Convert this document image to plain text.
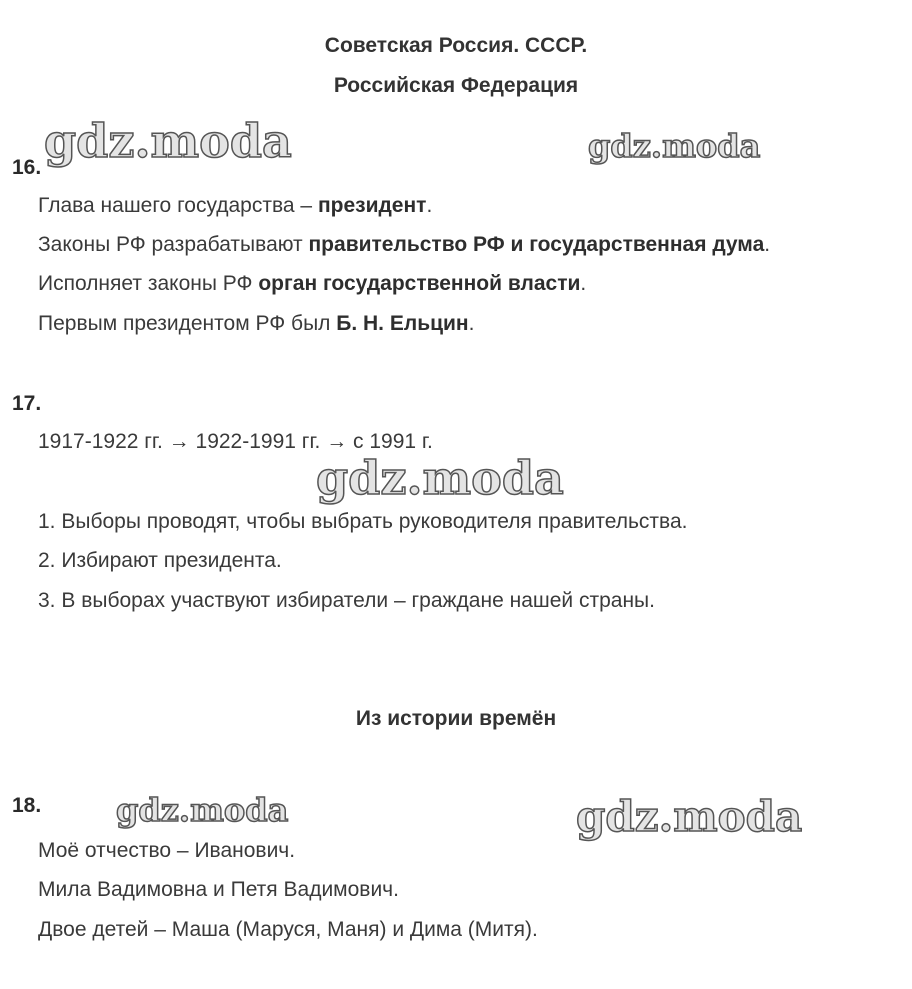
Советская Россия. СССР.
Российская Федерация
gdz.moda	gdz.moda
gdz.moda
gdz.moda	gdz.moda
16.
Глава нашего государства – президент.
Законы РФ разрабатывают правительство РФ и государственная дума.
Исполняет законы РФ орган государственной власти.
Первым президентом РФ был Б. Н. Ельцин.
17.
1917-1922 гг. → 1922-1991 гг. → с 1991 г.
1. Выборы проводят, чтобы выбрать руководителя правительства.
2. Избирают президента.
3. В выборах участвуют избиратели – граждане нашей страны.
Из истории времён
18.
Моё отчество – Иванович.
Мила Вадимовна и Петя Вадимович.
Двое детей – Маша (Маруся, Маня) и Дима (Митя).
